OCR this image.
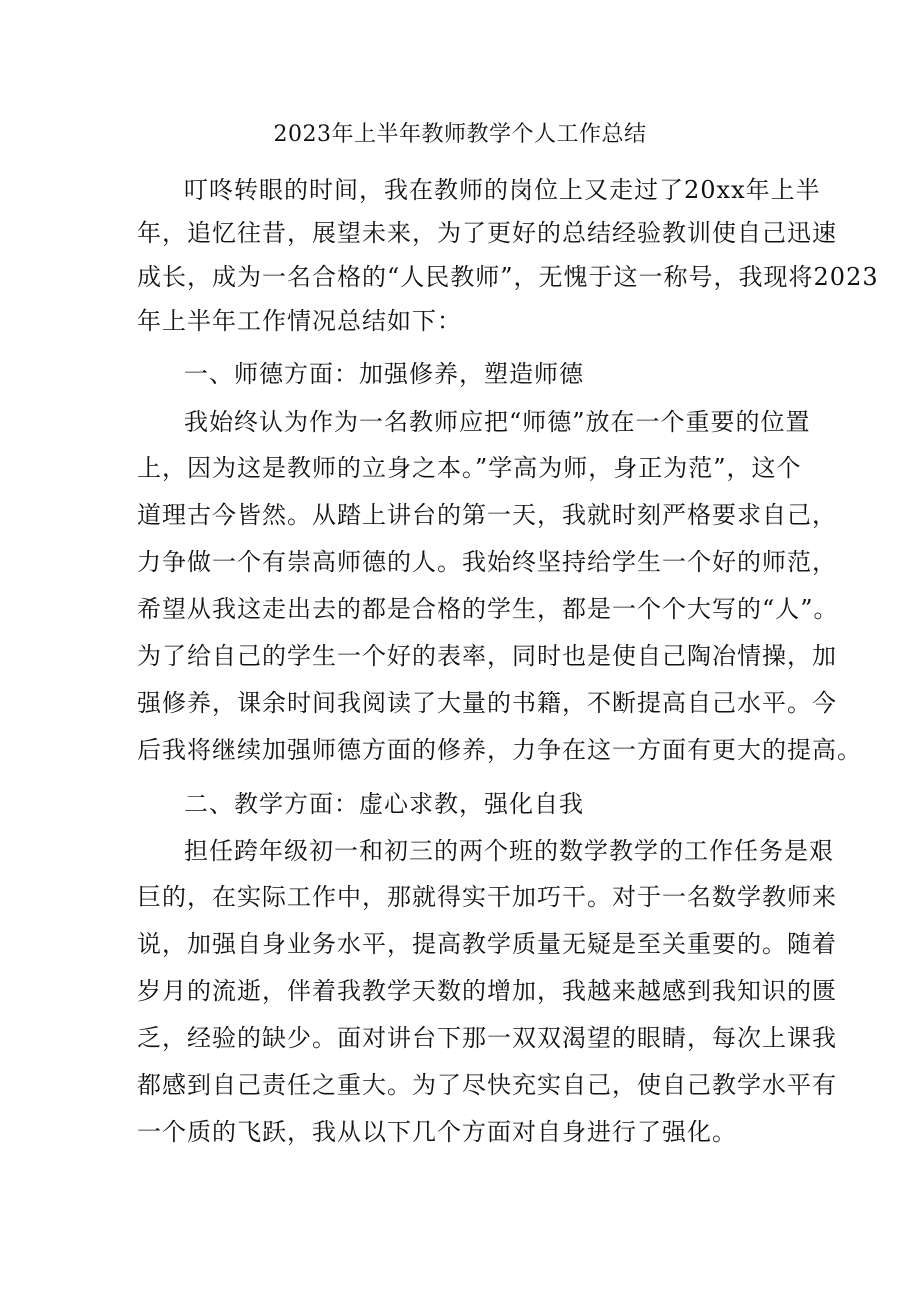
2023年上半年教师教学个人工作总结

叮咚转眼的时间，我在教师的岗位上又走过了20xx年上半

年，追忆往昔，展望未来，为了更好的总结经验教训使自己迅速

成长，成为一名合格的“人民教师”，无愧于这一称号，我现将2023

年上半年工作情况总结如下：

一、师德方面：加强修养，塑造师德

我始终认为作为一名教师应把“师德”放在一个重要的位置

上，因为这是教师的立身之本。”学高为师，身正为范”，这个

道理古今皆然。从踏上讲台的第一天，我就时刻严格要求自己，

力争做一个有崇高师德的人。我始终坚持给学生一个好的师范，

希望从我这走出去的都是合格的学生，都是一个个大写的“人”。

为了给自己的学生一个好的表率，同时也是使自己陶冶情操，加

强修养，课余时间我阅读了大量的书籍，不断提高自己水平。今

后我将继续加强师德方面的修养，力争在这一方面有更大的提高。

二、教学方面：虚心求教，强化自我

担任跨年级初一和初三的两个班的数学教学的工作任务是艰

巨的，在实际工作中，那就得实干加巧干。对于一名数学教师来

说，加强自身业务水平，提高教学质量无疑是至关重要的。随着

岁月的流逝，伴着我教学天数的增加，我越来越感到我知识的匮

乏，经验的缺少。面对讲台下那一双双渴望的眼睛，每次上课我

都感到自己责任之重大。为了尽快充实自己，使自己教学水平有

一个质的飞跃，我从以下几个方面对自身进行了强化。
